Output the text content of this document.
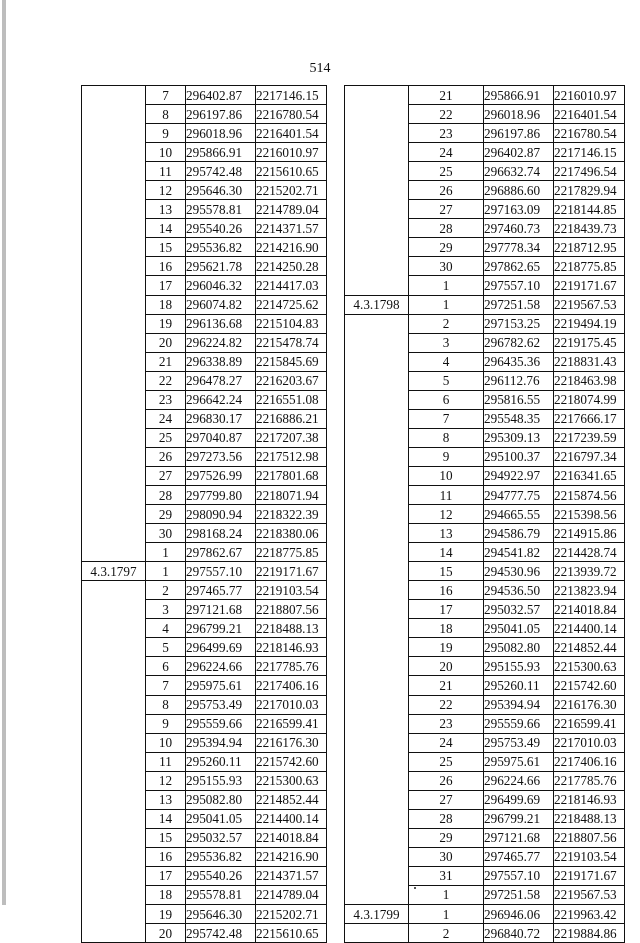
514
	7	296402.87	2217146.15
	8	296197.86	2216780.54
	9	296018.96	2216401.54
	10	295866.91	2216010.97
	11	295742.48	2215610.65
	12	295646.30	2215202.71
	13	295578.81	2214789.04
	14	295540.26	2214371.57
	15	295536.82	2214216.90
	16	295621.78	2214250.28
	17	296046.32	2214417.03
	18	296074.82	2214725.62
	19	296136.68	2215104.83
	20	296224.82	2215478.74
	21	296338.89	2215845.69
	22	296478.27	2216203.67
	23	296642.24	2216551.08
	24	296830.17	2216886.21
	25	297040.87	2217207.38
	26	297273.56	2217512.98
	27	297526.99	2217801.68
	28	297799.80	2218071.94
	29	298090.94	2218322.39
	30	298168.24	2218380.06
	1	297862.67	2218775.85
4.3.1797	1	297557.10	2219171.67
	2	297465.77	2219103.54
	3	297121.68	2218807.56
	4	296799.21	2218488.13
	5	296499.69	2218146.93
	6	296224.66	2217785.76
	7	295975.61	2217406.16
	8	295753.49	2217010.03
	9	295559.66	2216599.41
	10	295394.94	2216176.30
	11	295260.11	2215742.60
	12	295155.93	2215300.63
	13	295082.80	2214852.44
	14	295041.05	2214400.14
	15	295032.57	2214018.84
	16	295536.82	2214216.90
	17	295540.26	2214371.57
	18	295578.81	2214789.04
	19	295646.30	2215202.71
	20	295742.48	2215610.65
	21	295866.91	2216010.97
	22	296018.96	2216401.54
	23	296197.86	2216780.54
	24	296402.87	2217146.15
	25	296632.74	2217496.54
	26	296886.60	2217829.94
	27	297163.09	2218144.85
	28	297460.73	2218439.73
	29	297778.34	2218712.95
	30	297862.65	2218775.85
	1	297557.10	2219171.67
4.3.1798	1	297251.58	2219567.53
	2	297153.25	2219494.19
	3	296782.62	2219175.45
	4	296435.36	2218831.43
	5	296112.76	2218463.98
	6	295816.55	2218074.99
	7	295548.35	2217666.17
	8	295309.13	2217239.59
	9	295100.37	2216797.34
	10	294922.97	2216341.65
	11	294777.75	2215874.56
	12	294665.55	2215398.56
	13	294586.79	2214915.86
	14	294541.82	2214428.74
	15	294530.96	2213939.72
	16	294536.50	2213823.94
	17	295032.57	2214018.84
	18	295041.05	2214400.14
	19	295082.80	2214852.44
	20	295155.93	2215300.63
	21	295260.11	2215742.60
	22	295394.94	2216176.30
	23	295559.66	2216599.41
	24	295753.49	2217010.03
	25	295975.61	2217406.16
	26	296224.66	2217785.76
	27	296499.69	2218146.93
	28	296799.21	2218488.13
	29	297121.68	2218807.56
	30	297465.77	2219103.54
	31	297557.10	2219171.67
	1	297251.58	2219567.53
4.3.1799	1	296946.06	2219963.42
	2	296840.72	2219884.86
